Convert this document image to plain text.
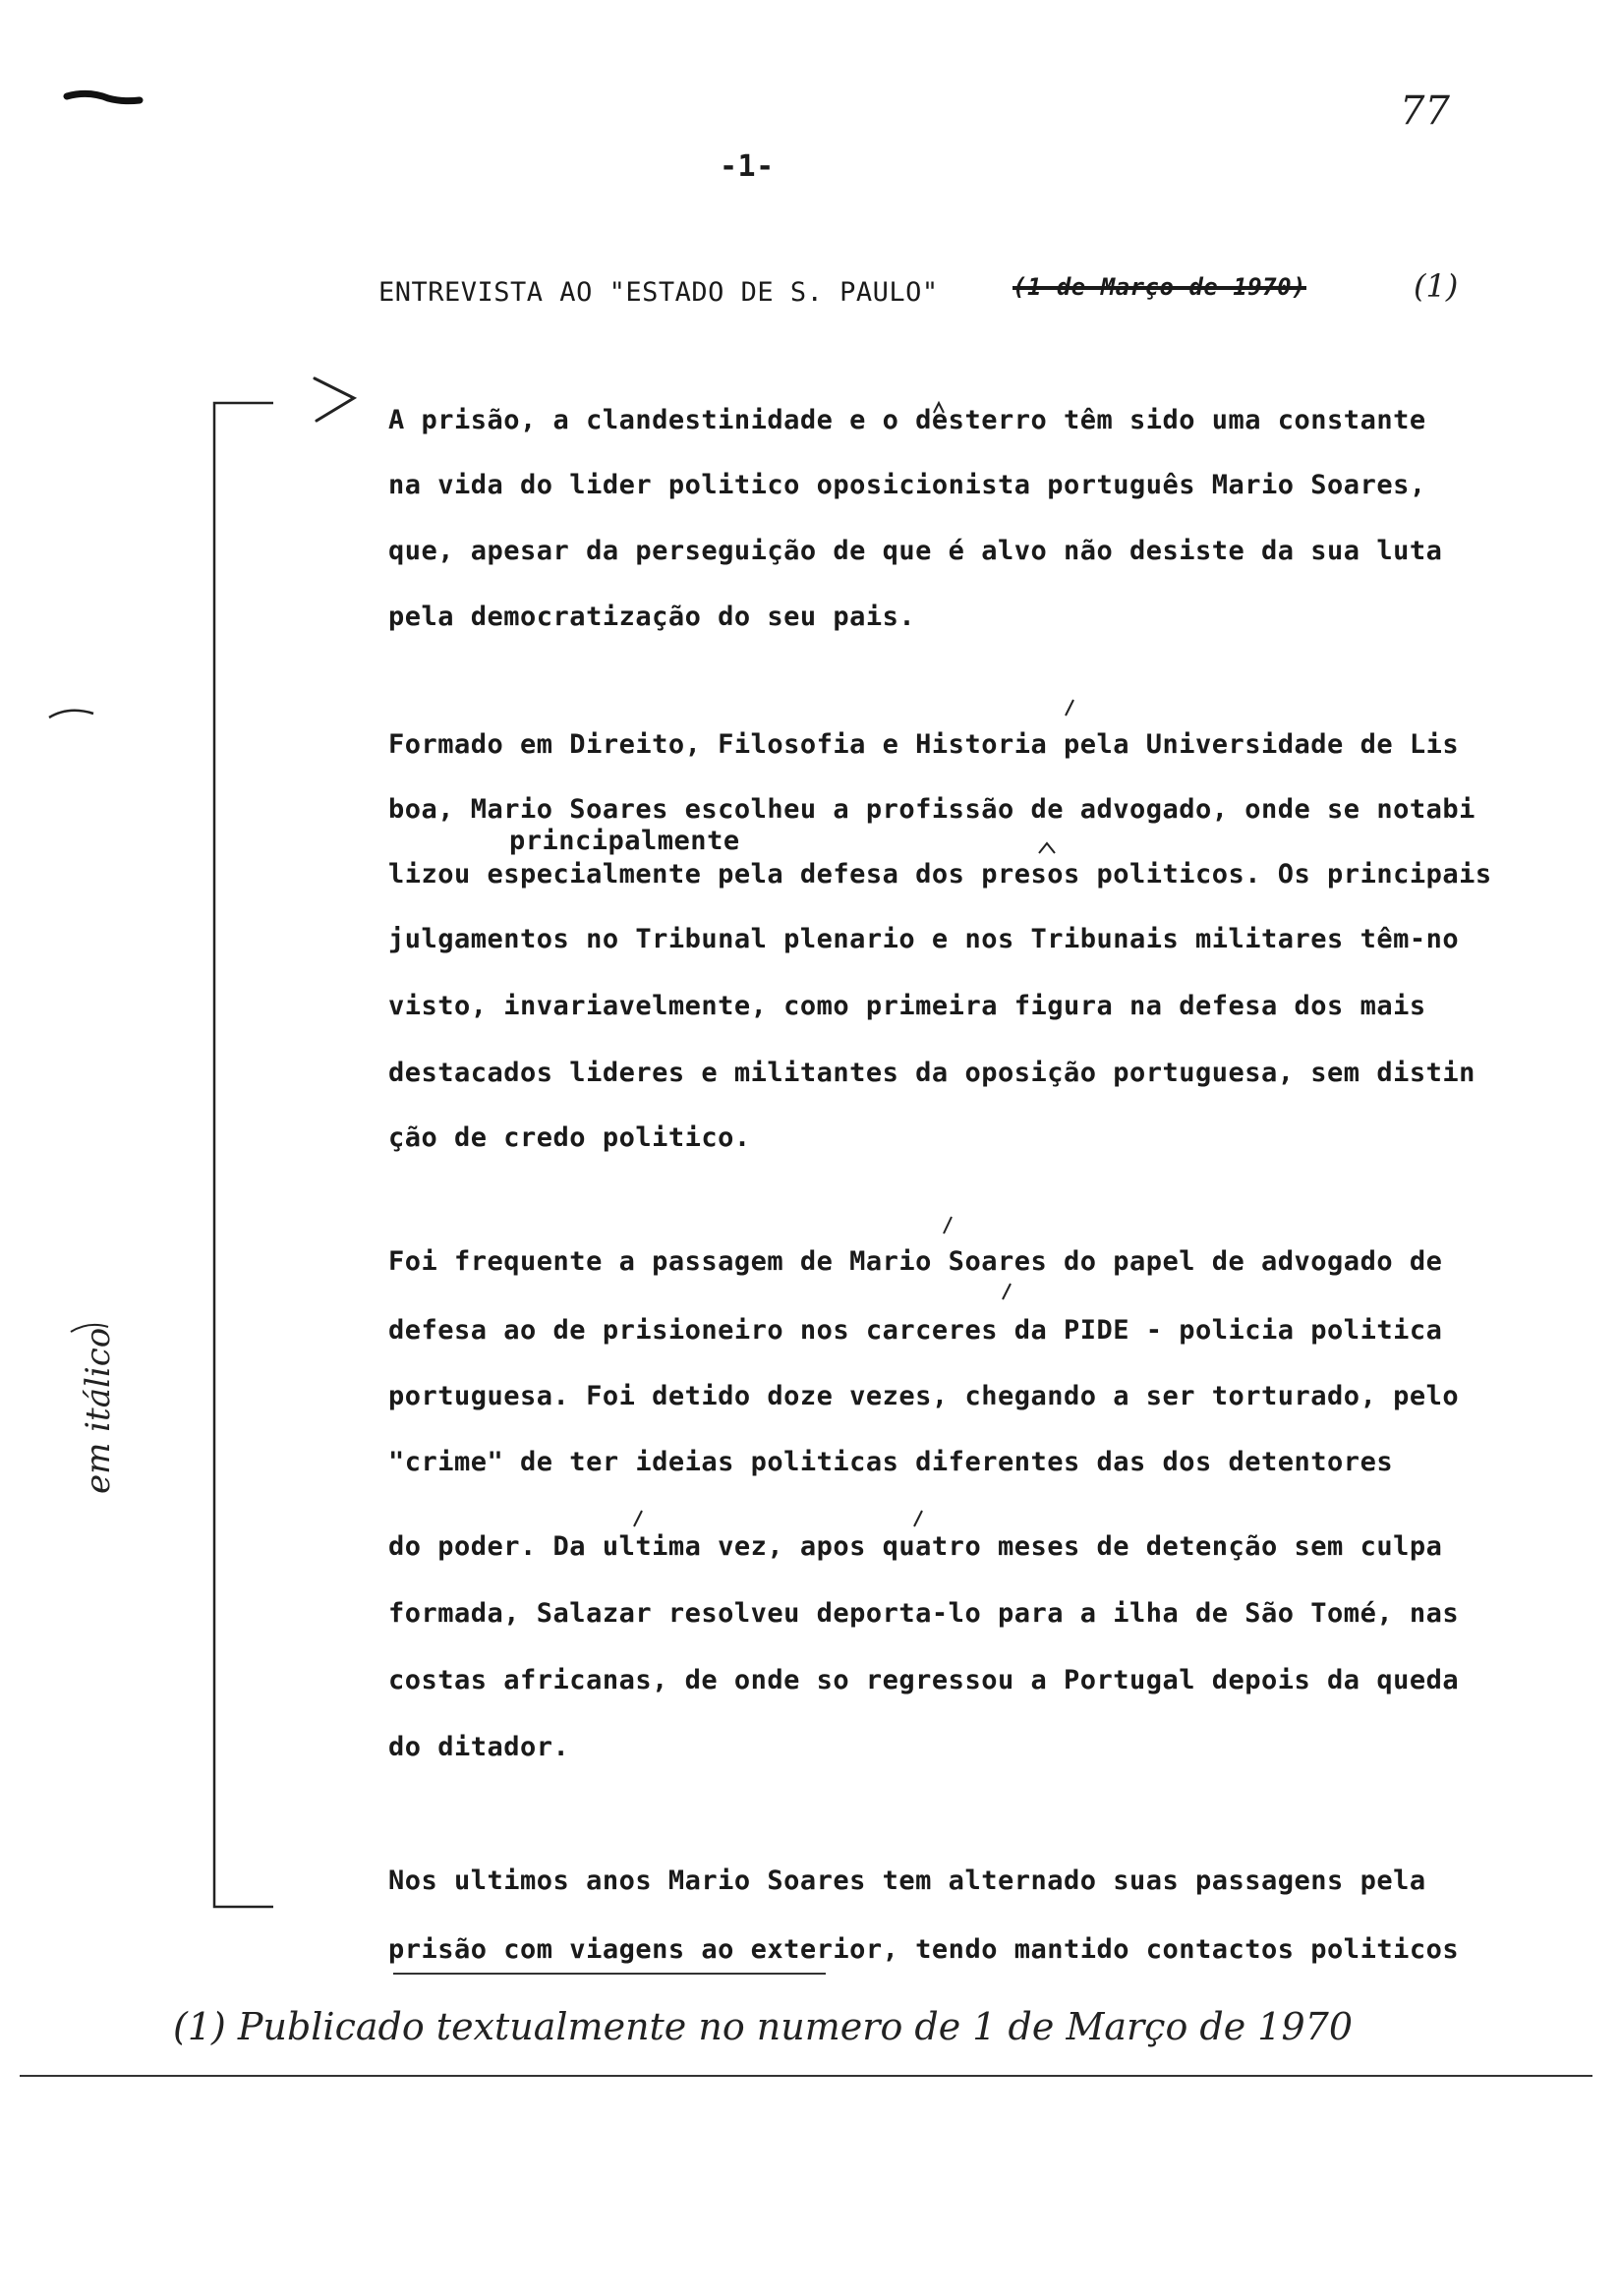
77
-1-
ENTREVISTA AO "ESTADO DE S. PAULO"	(1 de Março de 1970)	(1)
A prisão, a clandestinidade e o desterro têm sido uma constante
na vida do lider politico oposicionista português Mario Soares,
que, apesar da perseguição de que é alvo não desiste da sua luta
pela democratização do seu pais.
Formado em Direito, Filosofia e Historia pela Universidade de Lis
boa, Mario Soares escolheu a profissão de advogado, onde se notabi
principalmente
lizou especialmente pela defesa dos presos politicos. Os principais
julgamentos no Tribunal plenario e nos Tribunais militares têm-no
visto, invariavelmente, como primeira figura na defesa dos mais
destacados lideres e militantes da oposição portuguesa, sem distin
ção de credo politico.
Foi frequente a passagem de Mario Soares do papel de advogado de
defesa ao de prisioneiro nos carceres da PIDE - policia politica
portuguesa. Foi detido doze vezes, chegando a ser torturado, pelo
"crime" de ter ideias politicas diferentes das dos detentores
do poder. Da ultima vez, apos quatro meses de detenção sem culpa
formada, Salazar resolveu deporta-lo para a ilha de São Tomé, nas
costas africanas, de onde so regressou a Portugal depois da queda
do ditador.
Nos ultimos anos Mario Soares tem alternado suas passagens pela
prisão com viagens ao exterior, tendo mantido contactos politicos
em itálico
(1) Publicado textualmente no numero de 1 de Março de 1970
